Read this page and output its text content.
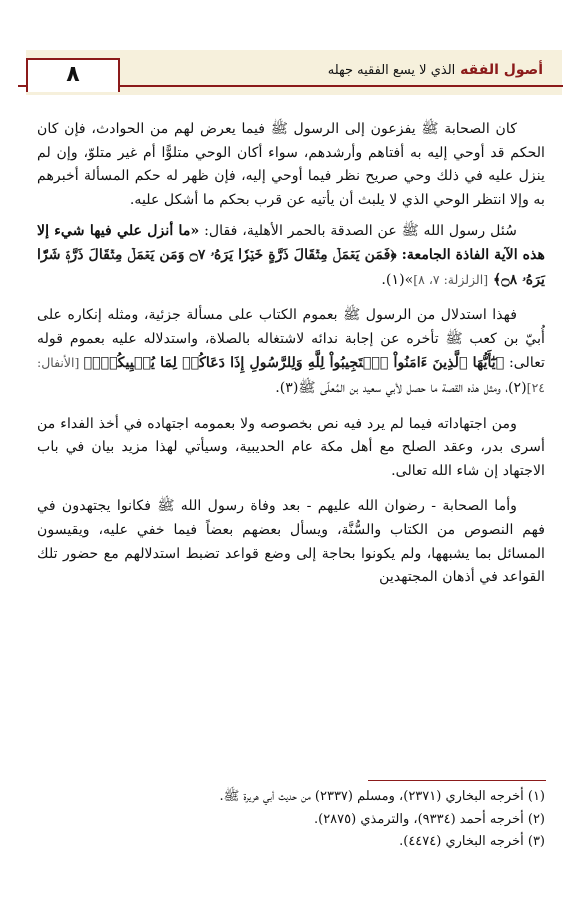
أصول الفقه الذي لا يسع الفقيه جهله
٨

كان الصحابة ﷺ يفزعون إلى الرسول ﷺ فيما يعرض لهم من الحوادث، فإن كان الحكم قد أوحي إليه به أفتاهم وأرشدهم، سواء أكان الوحي متلوًّا أم غير متلوّ، وإن لم ينزل عليه في ذلك وحي صريح نظر فيما أوحي إليه، فإن ظهر له حكم المسألة أخبرهم به وإلا انتظر الوحي الذي لا يلبث أن يأتيه عن قرب بحكم ما أشكل عليه.

سُئل رسول الله ﷺ عن الصدقة بالحمر الأهلية، فقال: «ما أنزل علي فيها شيء إلا هذه الآية الفاذة الجامعة: ﴿فَمَن يَعۡمَلۡ مِثۡقَالَ ذَرَّةٍ خَيۡرٗا يَرَهُۥ ۝٧ وَمَن يَعۡمَلۡ مِثۡقَالَ ذَرَّةٖ شَرّٗا يَرَهُۥ ۝٨﴾ [الزلزلة: ٧، ٨]»(١).

فهذا استدلال من الرسول ﷺ بعموم الكتاب على مسألة جزئية، ومثله إنكاره على أُبيّ بن كعب ﷺ تأخره عن إجابة ندائه لاشتغاله بالصلاة، واستدلاله عليه بعموم قوله تعالى: ﴿يَٰٓأَيُّهَا ٱلَّذِينَ ءَامَنُواْ ٱسۡتَجِيبُواْ لِلَّهِ وَلِلرَّسُولِ إِذَا دَعَاكُمۡ لِمَا يُحۡيِيكُمۡۖ﴾ [الأنفال: ٢٤](٢)، ومثل هذه القصة ما حصل لأبي سعيد بن المُعلّى ﷺ(٣).

ومن اجتهاداته فيما لم يرد فيه نص بخصوصه ولا بعمومه اجتهاده في أخذ الفداء من أسرى بدر، وعقد الصلح مع أهل مكة عام الحديبية، وسيأتي لهذا مزيد بيان في باب الاجتهاد إن شاء الله تعالى.

وأما الصحابة - رضوان الله عليهم - بعد وفاة رسول الله ﷺ فكانوا يجتهدون في فهم النصوص من الكتاب والسُّنَّة، ويسأل بعضهم بعضاً فيما خفي عليه، ويقيسون المسائل بما يشبهها، ولم يكونوا بحاجة إلى وضع قواعد تضبط استدلالهم مع حضور تلك القواعد في أذهان المجتهدين

(١) أخرجه البخاري (٢٣٧١)، ومسلم (٢٣٣٧) من حديث أبي هريرة ﷺ.
(٢) أخرجه أحمد (٩٣٣٤)، والترمذي (٢٨٧٥).
(٣) أخرجه البخاري (٤٤٧٤).
